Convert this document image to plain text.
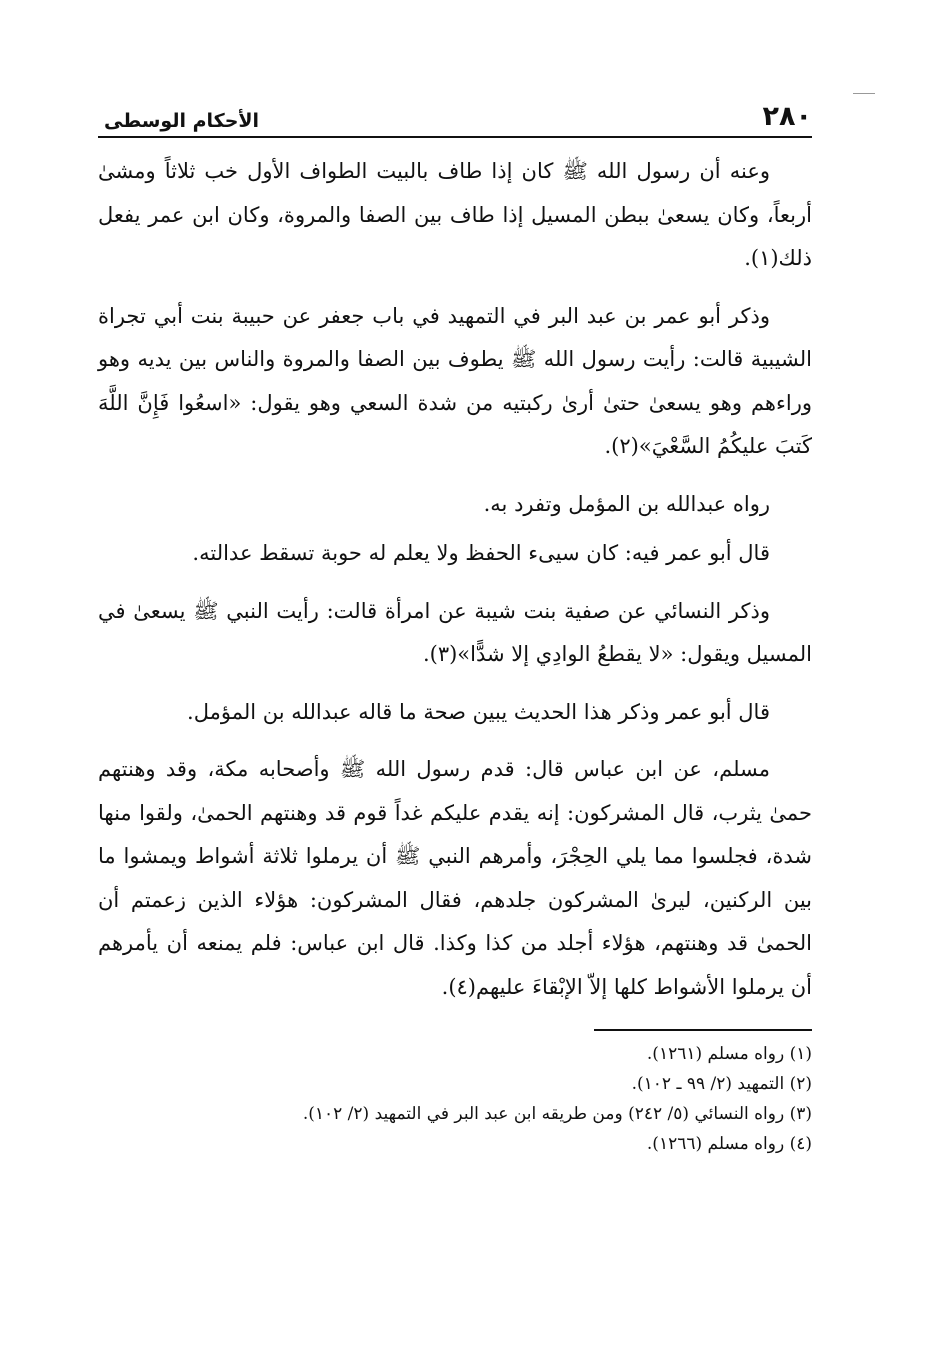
٢٨٠
الأحكام الوسطى

وعنه أن رسول الله ﷺ كان إذا طاف بالبيت الطواف الأول خب ثلاثاً ومشىٰ أربعاً، وكان يسعىٰ ببطن المسيل إذا طاف بين الصفا والمروة، وكان ابن عمر يفعل ذلك(١).

وذكر أبو عمر بن عبد البر في التمهيد في باب جعفر عن حبيبة بنت أبي تجراة الشيبية قالت: رأيت رسول الله ﷺ يطوف بين الصفا والمروة والناس بين يديه وهو وراءهم وهو يسعىٰ حتىٰ أرىٰ ركبتيه من شدة السعي وهو يقول: «اسعُوا فَإِنَّ اللَّهَ كَتبَ عليكُمُ السَّعْيَ»(٢).

رواه عبدالله بن المؤمل وتفرد به.

قال أبو عمر فيه: كان سيىء الحفظ ولا يعلم له حوبة تسقط عدالته.

وذكر النسائي عن صفية بنت شيبة عن امرأة قالت: رأيت النبي ﷺ يسعىٰ في المسيل ويقول: «لا يقطعُ الوادِي إلا شدًّا»(٣).

قال أبو عمر وذكر هذا الحديث يبين صحة ما قاله عبدالله بن المؤمل.

مسلم، عن ابن عباس قال: قدم رسول الله ﷺ وأصحابه مكة، وقد وهنتهم حمىٰ يثرب، قال المشركون: إنه يقدم عليكم غداً قوم قد وهنتهم الحمىٰ، ولقوا منها شدة، فجلسوا مما يلي الحِجْرَ، وأمرهم النبي ﷺ أن يرملوا ثلاثة أشواط ويمشوا ما بين الركنين، ليرىٰ المشركون جلدهم، فقال المشركون: هؤلاء الذين زعمتم أن الحمىٰ قد وهنتهم، هؤلاء أجلد من كذا وكذا. قال ابن عباس: فلم يمنعه أن يأمرهم أن يرملوا الأشواط كلها إلاّ الإبْقاءَ عليهم(٤).

(١) رواه مسلم (١٢٦١).
(٢) التمهيد (٢/ ٩٩ ـ ١٠٢).
(٣) رواه النسائي (٥/ ٢٤٢) ومن طريقه ابن عبد البر في التمهيد (٢/ ١٠٢).
(٤) رواه مسلم (١٢٦٦).
